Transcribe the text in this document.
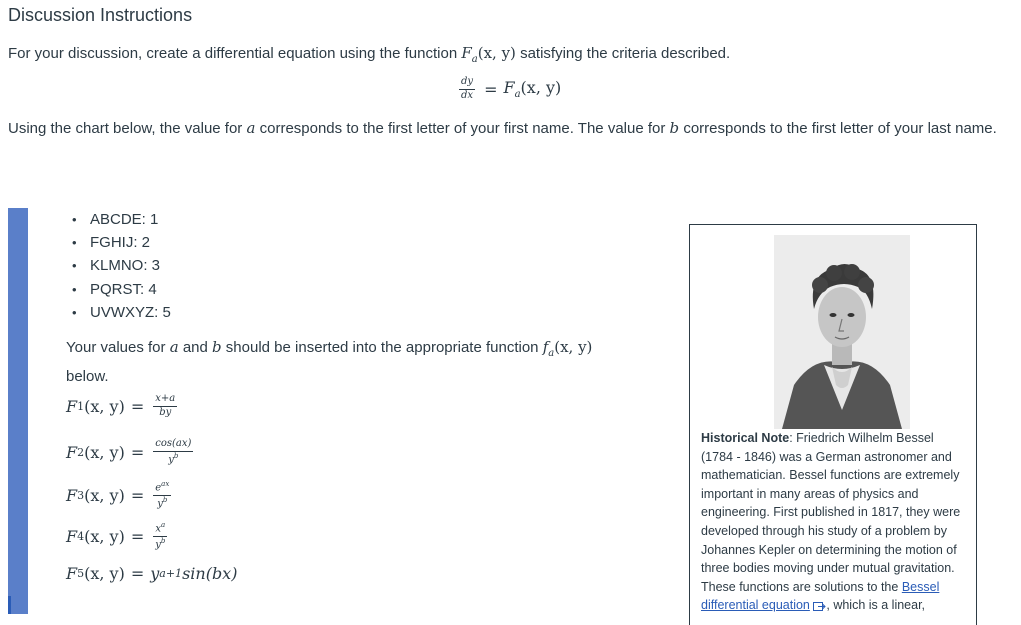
Discussion Instructions
For your discussion, create a differential equation using the function $F_a(x$, y) satisfying the criteria described.
$\frac{dy}{dx} = F_a(x$, y)
Using the chart below, the value for a corresponds to the first letter of your first name. The value for b corresponds to the first letter of your last name.
• ABCDE: 1
• FGHIJ: 2
• KLMNO: 3
• PQRST: 4
• UVWXYZ: 5
Your values for a and b should be inserted into the appropriate function $f_a(x$, y)
below.
F 1 (x, $y) = \frac{x+a}{by}$
F 2 (x, $y) = \frac{\cos(ax)}{y^b}$
F 3 (x, $y) = \frac{e^{ax}}{y^b}$
F 4 (x, $y) = \frac{x^a}{y^b}$
F 5 (x, y) = y a+1 sin(bx)
Historical Note: Friedrich Wilhelm Bessel (1784 - 1846) was a German astronomer and mathematician. Bessel functions are extremely important in many areas of physics and engineering. First published in 1817, they were developed through his study of a problem by Johannes Kepler on determining the motion of three bodies moving under mutual gravitation. These functions are solutions to the Bessel differential equation , which is a linear,
